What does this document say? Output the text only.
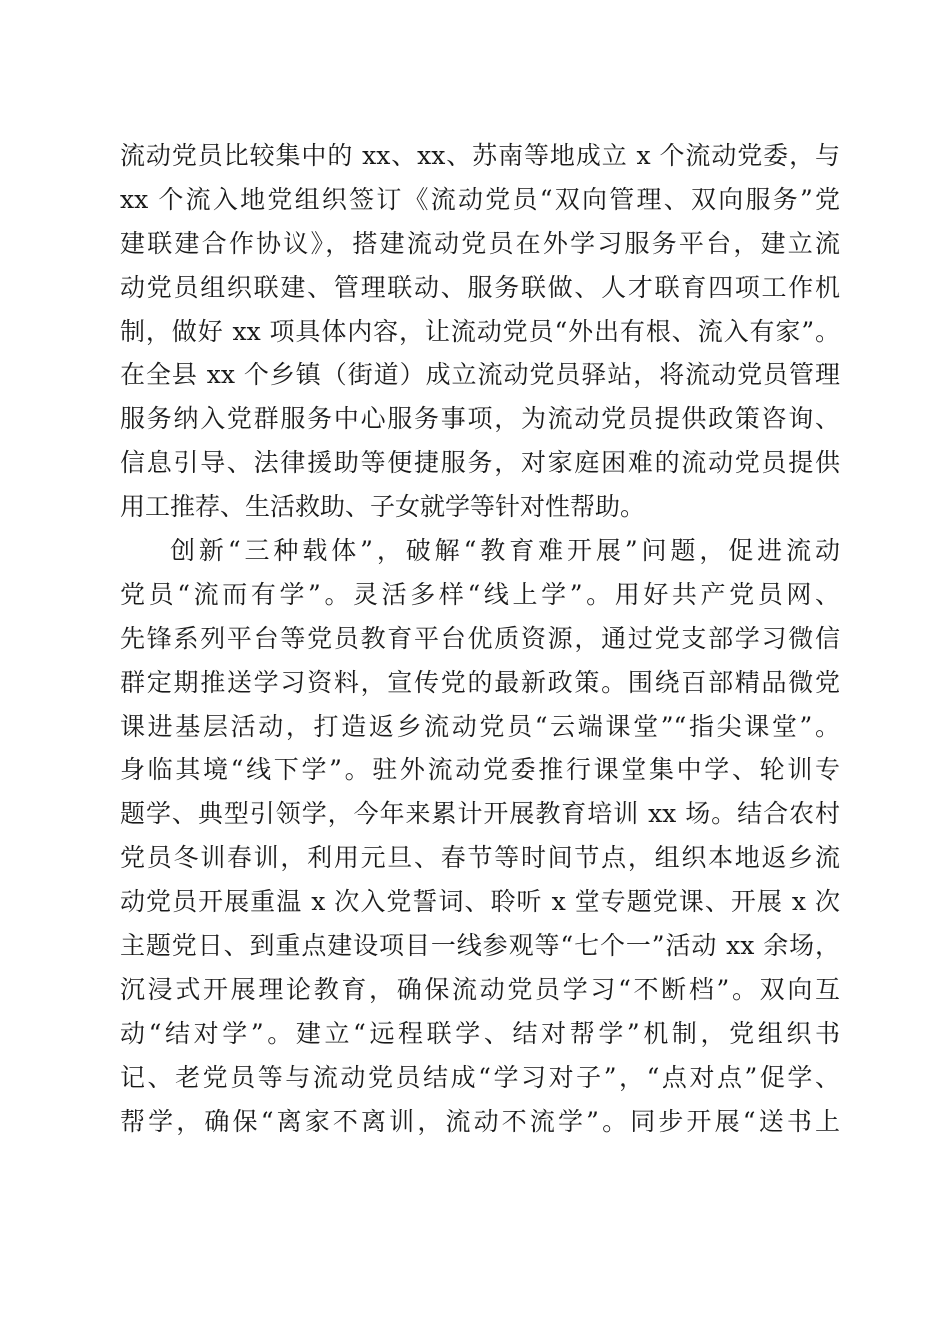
流动党员比较集中的 xx、xx、苏南等地成立 x 个流动党委，与
xx 个流入地党组织签订《流动党员“双向管理、双向服务”党
建联建合作协议》，搭建流动党员在外学习服务平台，建立流
动党员组织联建、管理联动、服务联做、人才联育四项工作机
制，做好 xx 项具体内容，让流动党员“外出有根、流入有家”。
在全县 xx 个乡镇（街道）成立流动党员驿站，将流动党员管理
服务纳入党群服务中心服务事项，为流动党员提供政策咨询、
信息引导、法律援助等便捷服务，对家庭困难的流动党员提供
用工推荐、生活救助、子女就学等针对性帮助。
创新“三种载体”，破解“教育难开展”问题，促进流动
党员“流而有学”。灵活多样“线上学”。用好共产党员网、
先锋系列平台等党员教育平台优质资源，通过党支部学习微信
群定期推送学习资料，宣传党的最新政策。围绕百部精品微党
课进基层活动，打造返乡流动党员“云端课堂”“指尖课堂”。
身临其境“线下学”。驻外流动党委推行课堂集中学、轮训专
题学、典型引领学，今年来累计开展教育培训 xx 场。结合农村
党员冬训春训，利用元旦、春节等时间节点，组织本地返乡流
动党员开展重温 x 次入党誓词、聆听 x 堂专题党课、开展 x 次
主题党日、到重点建设项目一线参观等“七个一”活动 xx 余场，
沉浸式开展理论教育，确保流动党员学习“不断档”。双向互
动“结对学”。建立“远程联学、结对帮学”机制，党组织书
记、老党员等与流动党员结成“学习对子”，“点对点”促学、
帮学，确保“离家不离训，流动不流学”。同步开展“送书上
